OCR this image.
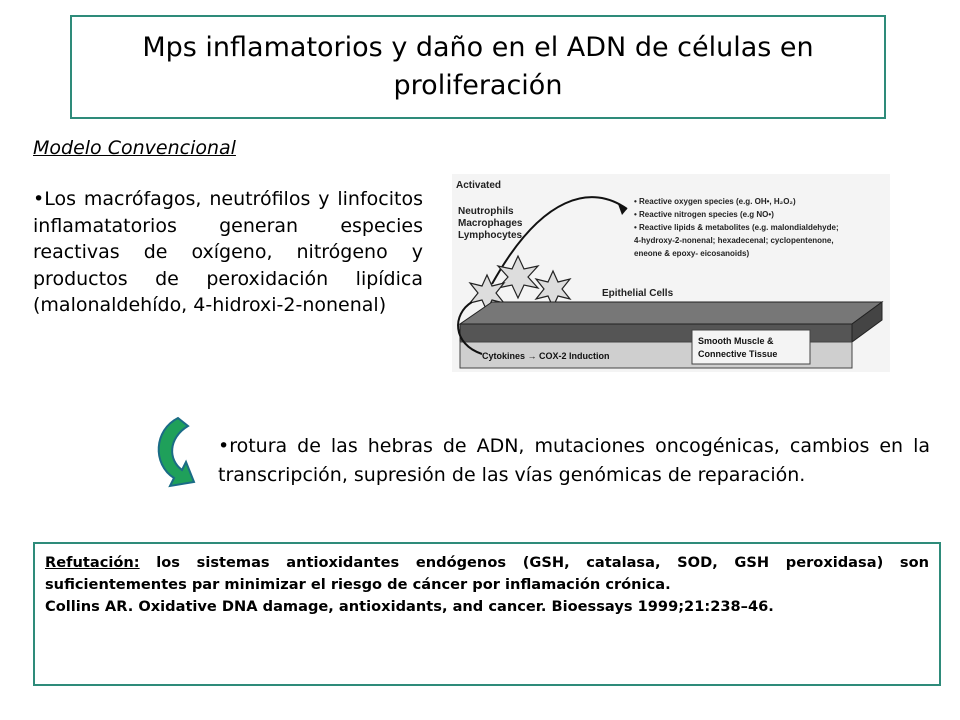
Mps inflamatorios y daño en el ADN de células en proliferación
Modelo Convencional
•Los macrófagos, neutrófilos y linfocitos inflamatatorios generan especies reactivas de oxígeno, nitrógeno y productos de peroxidación lipídica (malonaldehído, 4-hidroxi-2-nonenal)
Activated
Neutrophils
Macrophages
Lymphocytes
• Reactive oxygen species (e.g. OH•, H₂O₂)
• Reactive nitrogen species (e.g NO•)
• Reactive lipids & metabolites (e.g. malondialdehyde;
4-hydroxy-2-nonenal; hexadecenal; cyclopentenone,
eneone & epoxy- eicosanoids)
Epithelial Cells
Cytokines → COX-2 Induction
Smooth Muscle &
Connective Tissue
•rotura de las hebras de ADN, mutaciones oncogénicas, cambios en la transcripción, supresión de las vías genómicas de reparación.
Refutación: los sistemas antioxidantes endógenos (GSH, catalasa, SOD, GSH peroxidasa) son suficientementes par minimizar el riesgo de cáncer por inflamación crónica.
Collins AR. Oxidative DNA damage, antioxidants, and cancer. Bioessays 1999;21:238–46.
